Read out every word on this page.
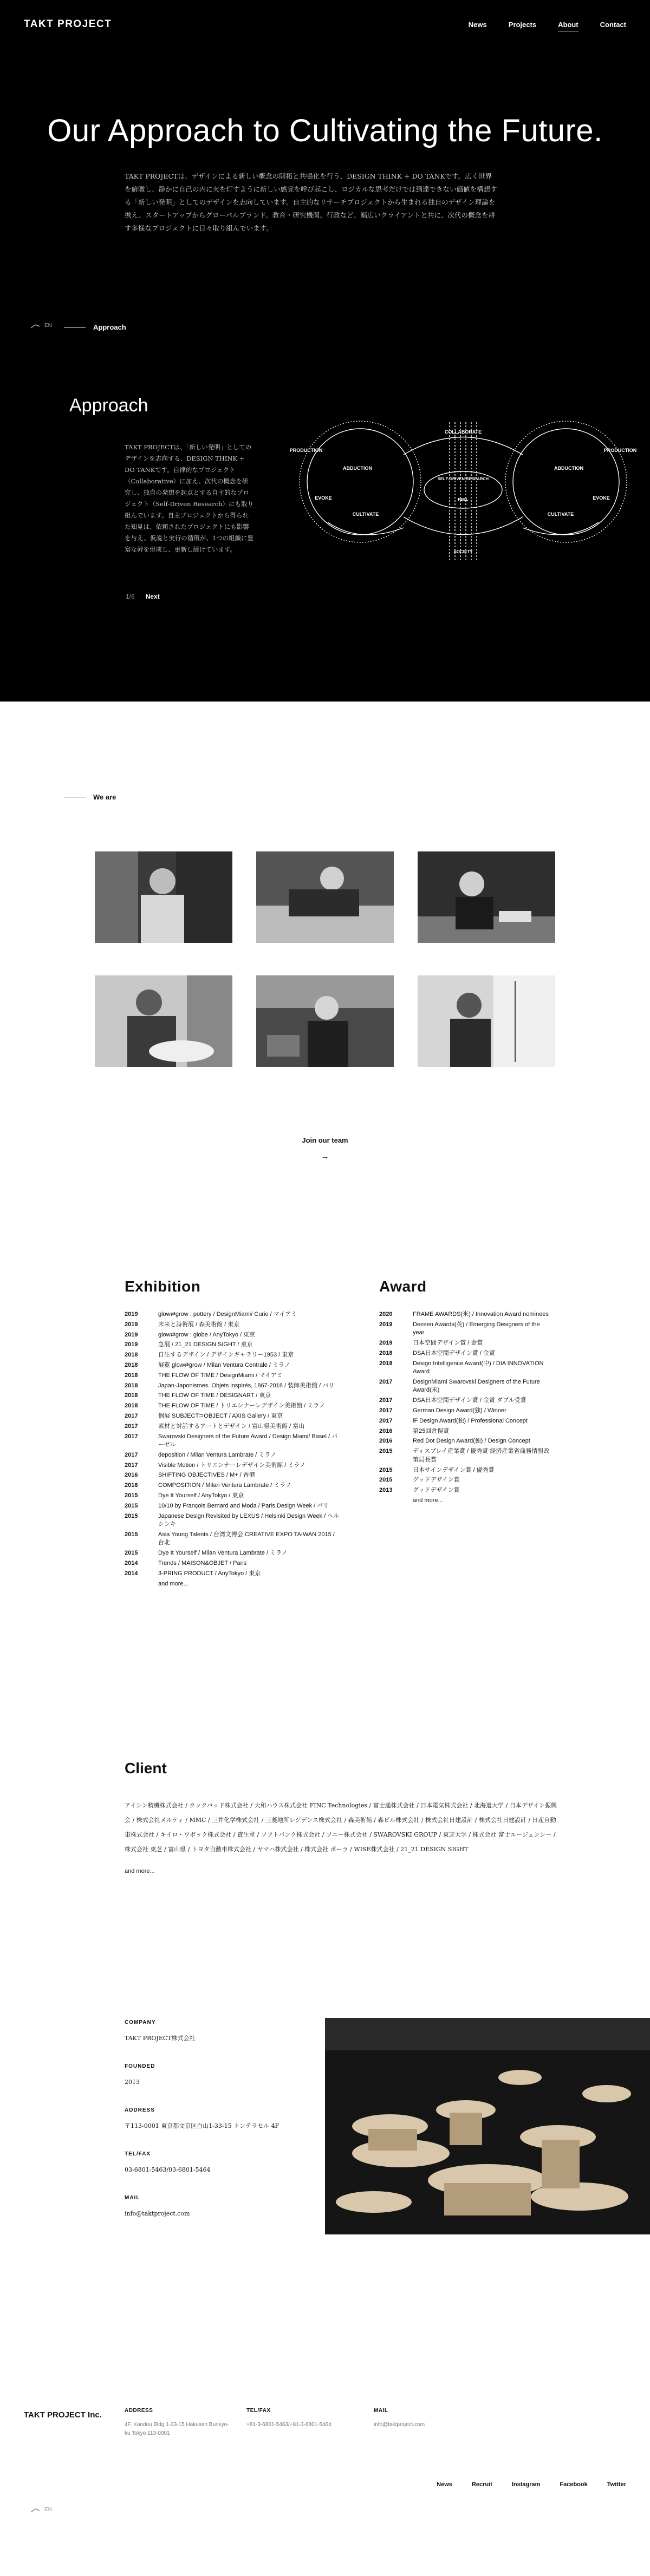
TAKT PROJECT	News	Projects	About	Contact
Our Approach to Cultivating the Future.

TAKT PROJECTは、デザインによる新しい概念の開拓と共鳴化を行う、DESIGN THINK + DO TANKです。広く世界を俯瞰し、静かに自己の内に火を灯すように新しい感覚を呼び起こし、ロジカルな思考だけでは到達できない価値を構想する「新しい発明」としてのデザインを志向しています。自主的なリサーチプロジェクトから生まれる独自のデザイン理論を携え、スタートアップからグローバルブランド、教育・研究機関、行政など、幅広いクライアントと共に、次代の概念を耕す多様なプロジェクトに日々取り組んでいます。

EN	Approach
Approach

TAKT PROJECTは、「新しい発明」としてのデザインを志向する、DESIGN THINK + DO TANKです。自律的なプロジェクト（Collaborative）に加え、次代の概念を研究し、独自の発想を起点とする自主的なプロジェクト（Self-Driven Research）にも取り組んでいます。自主プロジェクトから得られた知見は、依頼されたプロジェクトにも影響を与え、仮説と実行の循環が、1つの組織に豊富な幹を形成し、更新し続けています。

COLLABORATE
PRODUCTION	PRODUCTION
ABDUCTION	ABDUCTION
SELF-DRIVEN RESEARCH
FEEL
EVOKE	EVOKE
CULTIVATE	CULTIVATE
SOCIETY
1/6 Next
We are
Join our team
→
Exhibition	Award
2019	glow⇄grow : pottery / DesignMiami/ Curio / マイアミ
2019	未来と詩術展 / 森美術館 / 東京
2019	glow⇄grow : globe / AnyTokyo / 東京
2019	急展 / 21_21 DESIGN SIGHT / 東京
2018	自生するデザイン / デザインギャラリー1953 / 東京
2018	展覧 glow⇄grow / Milan Ventura Centrale / ミラノ
2018	THE FLOW OF TIME / DesignMiami / マイアミ
2018	Japan-Japonismes. Objets inspirés, 1867-2018 / 装飾美術館 / パリ
2018	THE FLOW OF TIME / DESIGNART / 東京
2018	THE FLOW OF TIME / トリエンナーレデザイン美術館 / ミラノ
2017	個展 SUBJECT⊃OBJECT / AXIS Gallery / 東京
2017	素材と対話するアートとデザイン / 富山県美術館 / 富山
2017	Swarovski Designers of the Future Award / Design Miami/ Basel / バーゼル
2017	deposition / Milan Ventura Lambrate / ミラノ
2017	Visible Motion / トリエンナーレデザイン美術館 / ミラノ
2016	SHIFTING OBJECTIVES / M+ / 香港
2016	COMPOSITION / Milan Ventura Lambrate / ミラノ
2015	Dye It Yourself / AnyTokyo / 東京
2015	10/10 by François Bernard and Moda / Paris Design Week / パリ
2015	Japanese Design Revisited by LEXUS / Helsinki Design Week / ヘルシンキ
2015	Asia Young Talents / 台湾文博会 CREATIVE EXPO TAIWAN 2015 / 台北
2015	Dye It Yourself / Milan Ventura Lambrate / ミラノ
2014	Trends / MAISON&OBJET / Paris
2014	3-PRING PRODUCT / AnyTokyo / 東京
and more...
2020	FRAME AWARDS(米) / Innovation Award nominees
2019	Dezeen Awards(英) / Emerging Designers of the year
2019	日本空間デザイン賞 / 金賞
2018	DSA日本空間デザイン賞 / 金賞
2018	Design Intelligence Award(中) / DIA INNOVATION Award
2017	DesignMiami Swarovski Designers of the Future Award(米)
2017	DSA日本空間デザイン賞 / 金賞 ダブル受賞
2017	German Design Award(独) / Winner
2017	iF Design Award(独) / Professional Concept
2016	第25回倉俣賞
2016	Red Dot Design Award(独) / Design Concept
2015	ディスプレイ産業賞 / 優秀賞 経済産業省商務情報政策局長賞
2015	日本サインデザイン賞 / 優秀賞
2015	グッドデザイン賞
2013	グッドデザイン賞
and more...
Client

アイシン精機株式会社 / クックパッド株式会社 / 大和ハウス株式会社 FINC Technologies / 富士通株式会社 / 日本電気株式会社 / 北海道大学 / 日本デザイン振興会 / 株式会社メルティ / MMC / 三井化学株式会社 / 三菱地所レジデンス株式会社 / 森美術館 / 森ビル株式会社 / 株式会社日建設計 / 株式会社日建設計 / 日産自動車株式会社 / キイロ・ワボック株式会社 / 資生堂 / ソフトバンク株式会社 / ソニー株式会社 / SWAROVSKI GROUP / 東芝大学 / 株式会社 富士エージェンシー / 株式会社 東芝 / 富山県 / トヨタ自動車株式会社 / ヤマハ株式会社 / 株式会社 ポーラ / WISE株式会社 / 21_21 DESIGN SIGHT

and more...
COMPANY
TAKT PROJECT株式会社
FOUNDED
2013
ADDRESS
〒113-0001 東京都文京区白山1-33-15 トンテラセル 4F
TEL/FAX
03-6801-5463/03-6801-5464
MAIL
info@taktproject.com
TAKT PROJECT Inc.	ADDRESS
4F, Kondou Bldg 1-33-15 Hakusan Bunkyo-ku Tokyo 113-0001
TEL/FAX
+81-3-6801-5463/+81-3-6801-5464
MAIL
info@taktproject.com
News	Recruit	Instagram	Facebook	Twitter
EN
